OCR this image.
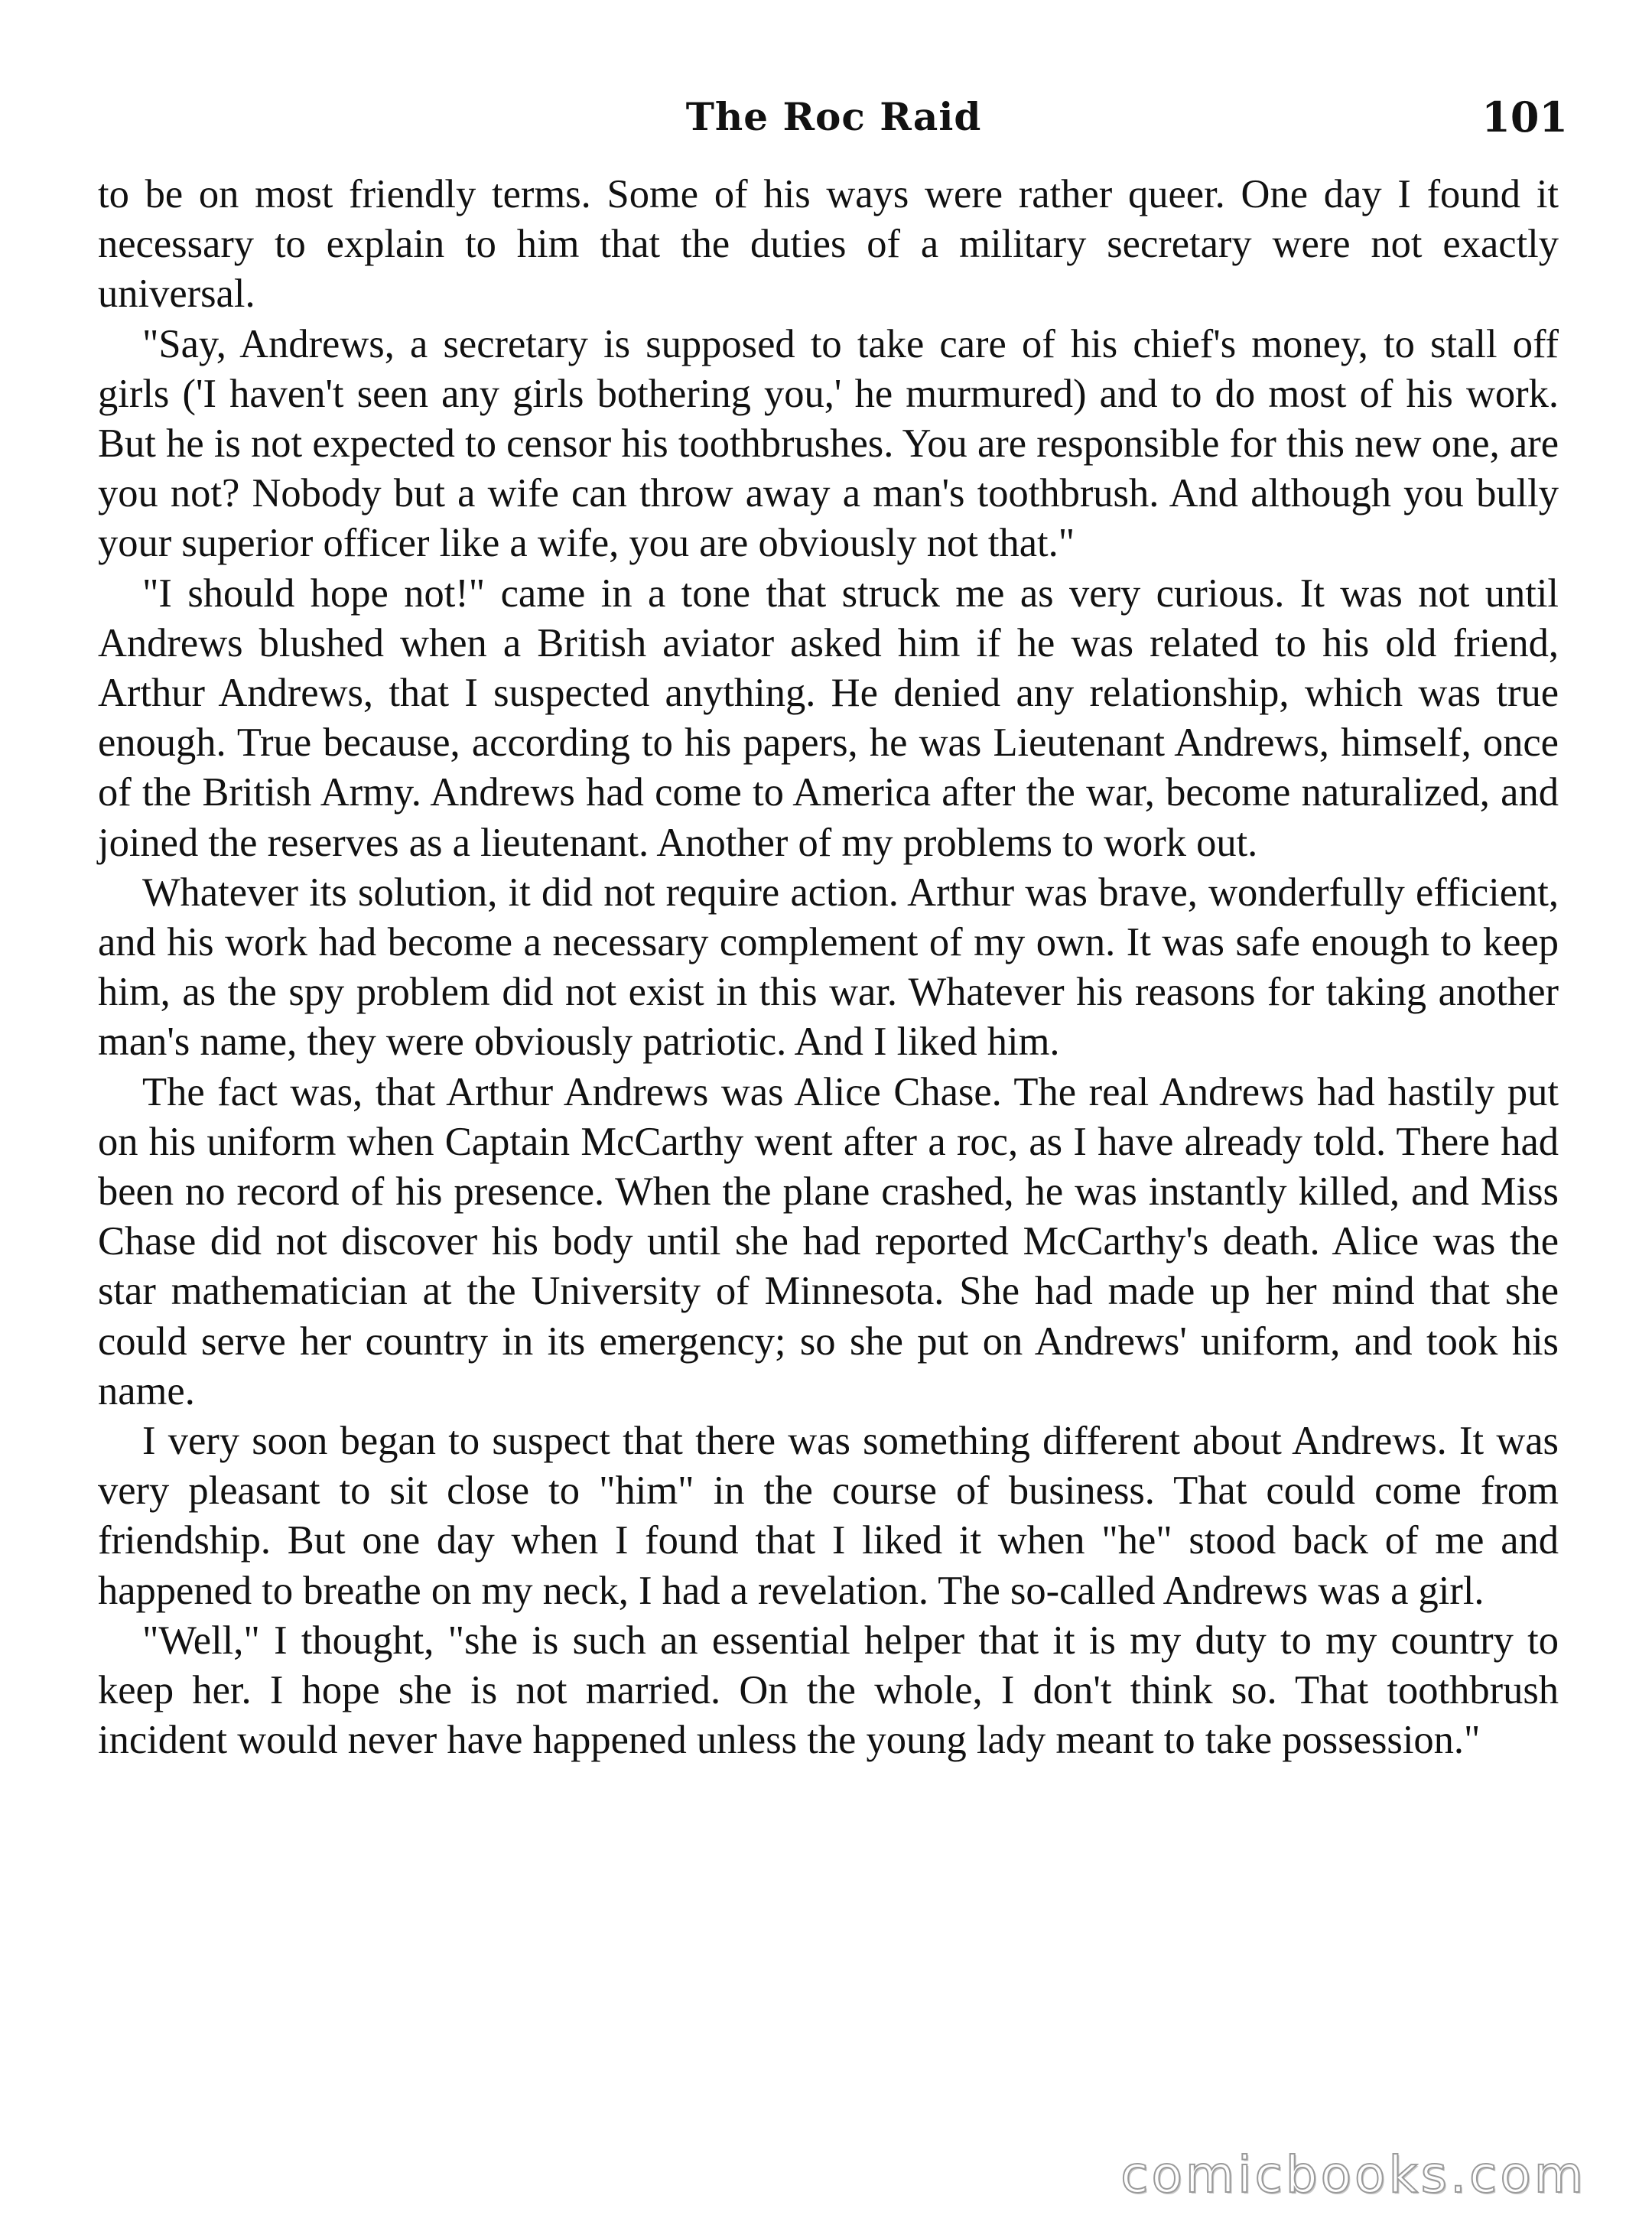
The Roc Raid	101

to be on most friendly terms. Some of his ways were rather queer. One day I found it necessary to explain to him that the duties of a military secretary were not exactly universal.

"Say, Andrews, a secretary is supposed to take care of his chief's money, to stall off girls ('I haven't seen any girls bothering you,' he murmured) and to do most of his work. But he is not expected to censor his toothbrushes. You are responsible for this new one, are you not? Nobody but a wife can throw away a man's toothbrush. And although you bully your superior officer like a wife, you are obviously not that."

"I should hope not!" came in a tone that struck me as very curious. It was not until Andrews blushed when a British aviator asked him if he was related to his old friend, Arthur Andrews, that I suspected anything. He denied any relationship, which was true enough. True because, according to his papers, he was Lieutenant Andrews, himself, once of the British Army. Andrews had come to America after the war, become naturalized, and joined the reserves as a lieutenant. Another of my problems to work out.

Whatever its solution, it did not require action. Arthur was brave, wonderfully efficient, and his work had become a necessary complement of my own. It was safe enough to keep him, as the spy problem did not exist in this war. Whatever his reasons for taking another man's name, they were obviously patriotic. And I liked him.

The fact was, that Arthur Andrews was Alice Chase. The real Andrews had hastily put on his uniform when Captain McCarthy went after a roc, as I have already told. There had been no record of his presence. When the plane crashed, he was instantly killed, and Miss Chase did not discover his body until she had reported McCarthy's death. Alice was the star mathematician at the University of Minnesota. She had made up her mind that she could serve her country in its emergency; so she put on Andrews' uniform, and took his name.

I very soon began to suspect that there was something different about Andrews. It was very pleasant to sit close to "him" in the course of business. That could come from friendship. But one day when I found that I liked it when "he" stood back of me and happened to breathe on my neck, I had a revelation. The so-called Andrews was a girl.

"Well," I thought, "she is such an essential helper that it is my duty to my country to keep her. I hope she is not married. On the whole, I don't think so. That toothbrush incident would never have happened unless the young lady meant to take possession."

comicbooks.com
